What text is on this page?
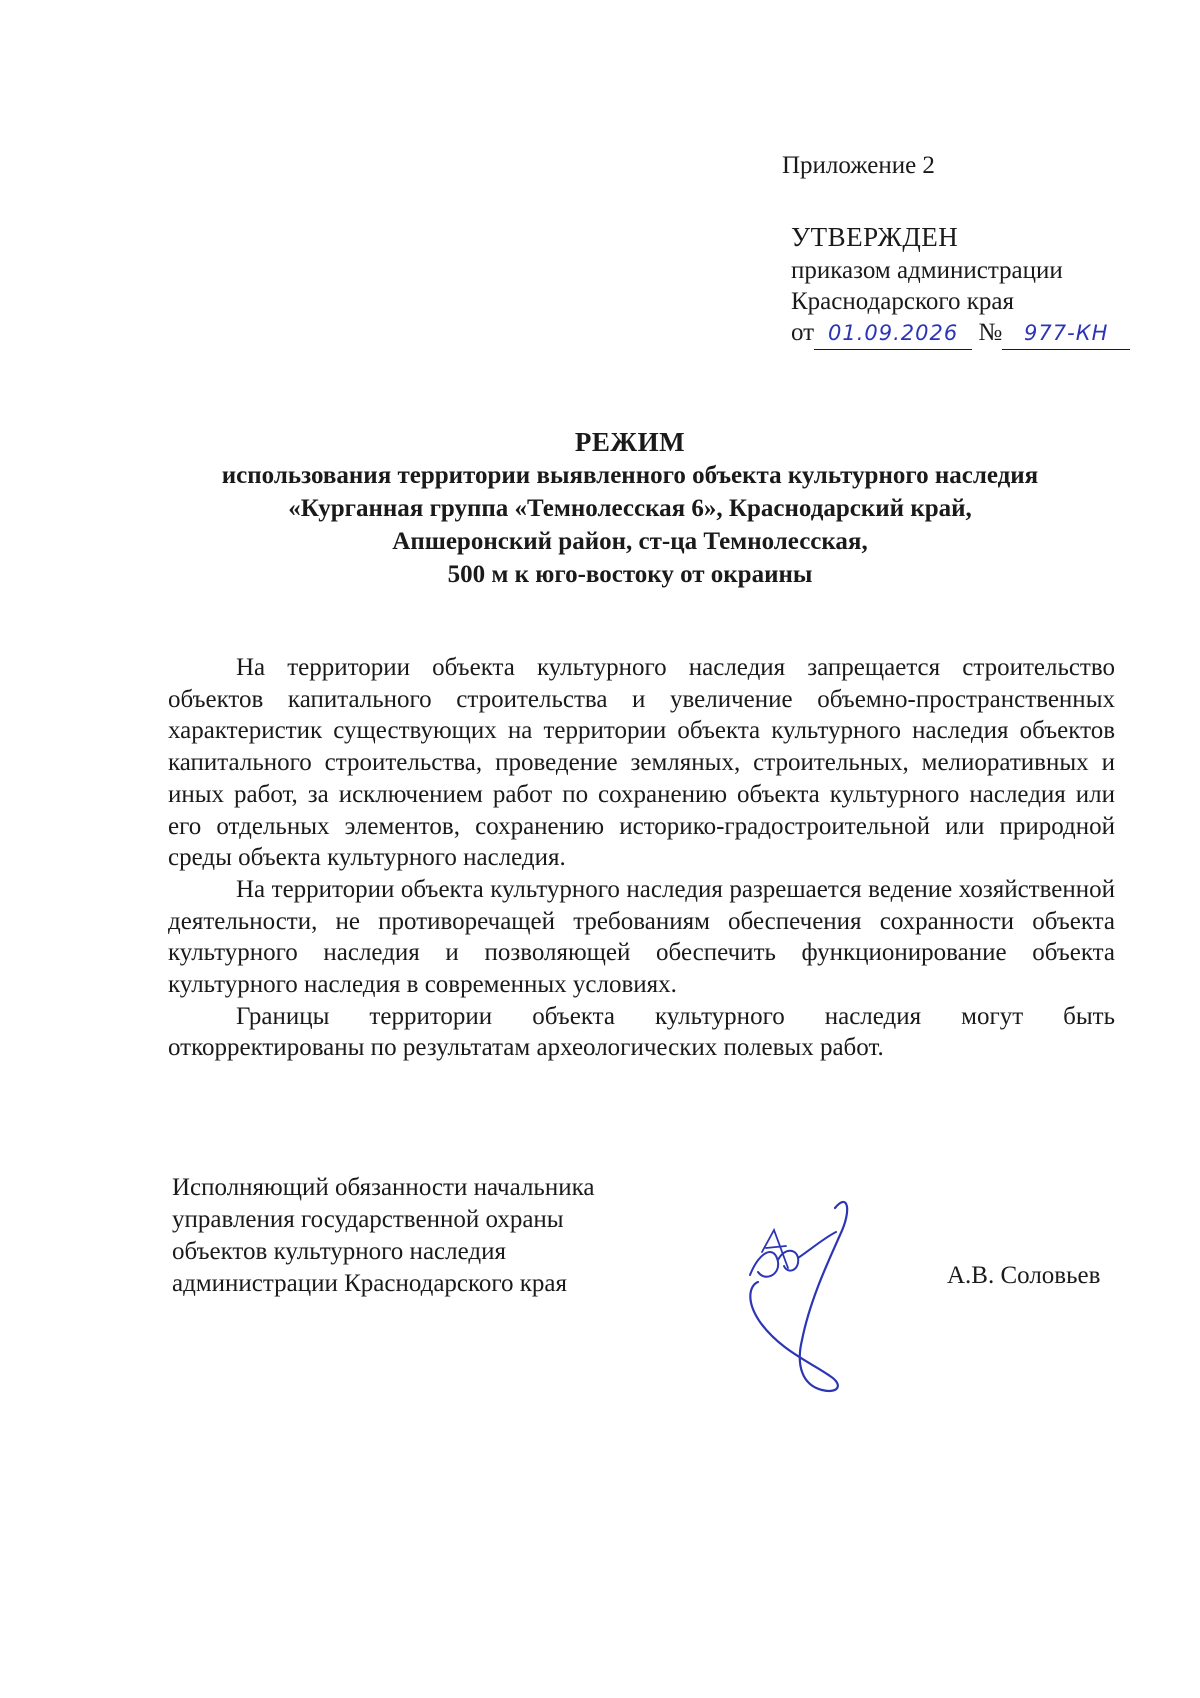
Приложение 2
УТВЕРЖДЕН
приказом администрации
Краснодарского края
от 01.09.2026 № 977-КН
РЕЖИМ
использования территории выявленного объекта культурного наследия
«Курганная группа «Темнолесская 6», Краснодарский край,
Апшеронский район, ст-ца Темнолесская,
500 м к юго-востоку от окраины

На территории объекта культурного наследия запрещается строительство объектов капитального строительства и увеличение объемно-пространственных характеристик существующих на территории объекта культурного наследия объектов капитального строительства, проведение земляных, строительных, мелиоративных и иных работ, за исключением работ по сохранению объекта культурного наследия или его отдельных элементов, сохранению историко-градостроительной или природной среды объекта культурного наследия.

На территории объекта культурного наследия разрешается ведение хозяйственной деятельности, не противоречащей требованиям обеспечения сохранности объекта культурного наследия и позволяющей обеспечить функционирование объекта культурного наследия в современных условиях.

Границы территории объекта культурного наследия могут быть откорректированы по результатам археологических полевых работ.

Исполняющий обязанности начальника
управления государственной охраны
объектов культурного наследия
администрации Краснодарского края	А.В. Соловьев
